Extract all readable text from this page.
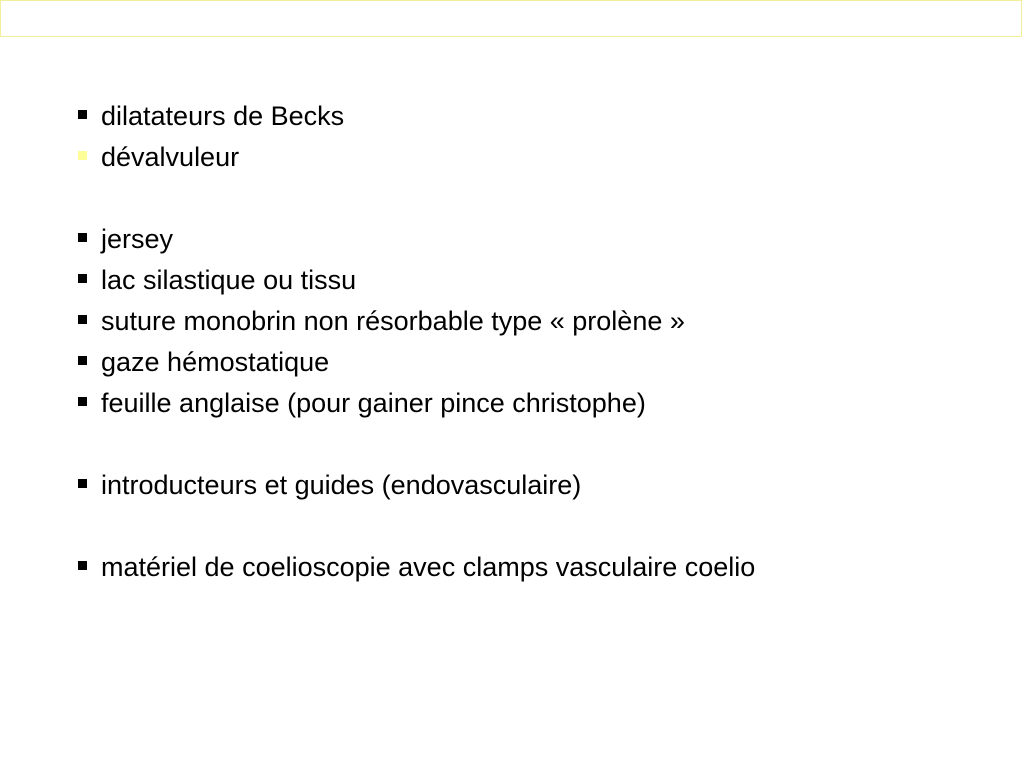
dilatateurs de Becks
dévalvuleur
jersey
lac silastique ou tissu
suture monobrin non résorbable type « prolène »
gaze hémostatique
feuille anglaise (pour gainer pince christophe)
introducteurs et guides (endovasculaire)
matériel de coelioscopie avec clamps vasculaire coelio
